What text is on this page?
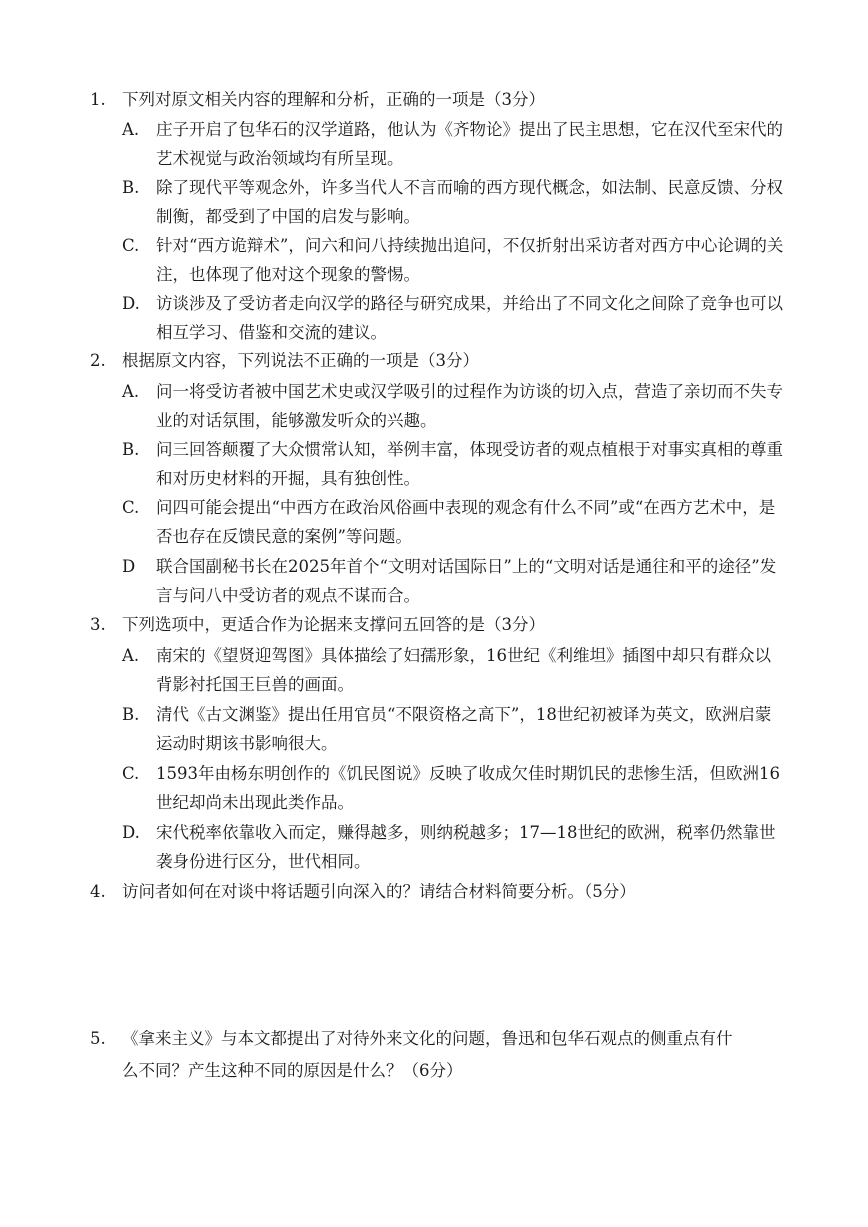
1. 下列对原文相关内容的理解和分析，正确的一项是（3分）
A.	庄子开启了包华石的汉学道路，他认为《齐物论》提出了民主思想，它在汉代至宋代的艺术视觉与政治领域均有所呈现。
B.	除了现代平等观念外，许多当代人不言而喻的西方现代概念，如法制、民意反馈、分权制衡，都受到了中国的启发与影响。
C.	针对“西方诡辩术”，问六和问八持续抛出追问，不仅折射出采访者对西方中心论调的关注，也体现了他对这个现象的警惕。
D. 访谈涉及了受访者走向汉学的路径与研究成果，并给出了不同文化之间除了竞争也可以相互学习、借鉴和交流的建议。
2. 根据原文内容，下列说法不正确的一项是（3分）
A.	问一将受访者被中国艺术史或汉学吸引的过程作为访谈的切入点，营造了亲切而不失专业的对话氛围，能够激发听众的兴趣。
B.	问三回答颠覆了大众惯常认知，举例丰富，体现受访者的观点植根于对事实真相的尊重和对历史材料的开掘，具有独创性。
C.	问四可能会提出“中西方在政治风俗画中表现的观念有什么不同”或“在西方艺术中，是否也存在反馈民意的案例”等问题。
D	联合国副秘书长在2025年首个“文明对话国际日”上的“文明对话是通往和平的途径”发言与问八中受访者的观点不谋而合。
3. 下列选项中，更适合作为论据来支撑问五回答的是（3分）
A.	南宋的《望贤迎驾图》具体描绘了妇孺形象，16世纪《利维坦》插图中却只有群众以背影衬托国王巨兽的画面。
B.	清代《古文渊鉴》提出任用官员“不限资格之高下”，18世纪初被译为英文，欧洲启蒙运动时期该书影响很大。
C.	1593年由杨东明创作的《饥民图说》反映了收成欠佳时期饥民的悲惨生活，但欧洲16世纪却尚未出现此类作品。
D. 宋代税率依靠收入而定，赚得越多，则纳税越多；17—18世纪的欧洲，税率仍然靠世袭身份进行区分，世代相同。
4. 访问者如何在对谈中将话题引向深入的？请结合材料简要分析。（5分）
5. 《拿来主义》与本文都提出了对待外来文化的问题，鲁迅和包华石观点的侧重点有什
么不同？产生这种不同的原因是什么？（6分）
